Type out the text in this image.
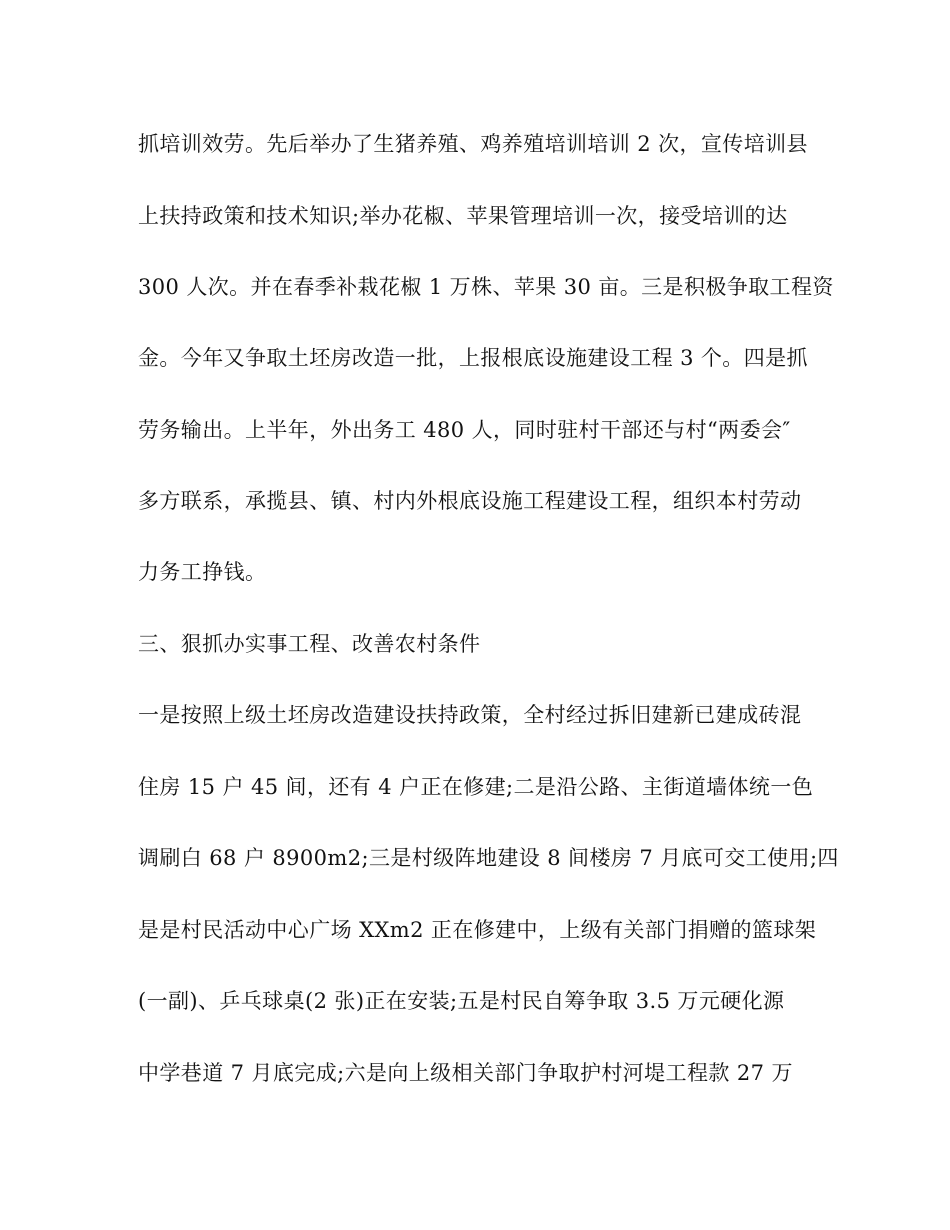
抓培训效劳。先后举办了生猪养殖、鸡养殖培训培训 2 次，宣传培训县
上扶持政策和技术知识;举办花椒、苹果管理培训一次，接受培训的达
300 人次。并在春季补栽花椒 1 万株、苹果 30 亩。三是积极争取工程资
金。今年又争取土坯房改造一批，上报根底设施建设工程 3 个。四是抓
劳务输出。上半年，外出务工 480 人，同时驻村干部还与村“两委会″
多方联系，承揽县、镇、村内外根底设施工程建设工程，组织本村劳动
力务工挣钱。
三、狠抓办实事工程、改善农村条件
一是按照上级土坯房改造建设扶持政策，全村经过拆旧建新已建成砖混
住房 15 户 45 间，还有 4 户正在修建;二是沿公路、主街道墙体统一色
调刷白 68 户 8900m2;三是村级阵地建设 8 间楼房 7 月底可交工使用;四
是是村民活动中心广场 XXm2 正在修建中，上级有关部门捐赠的篮球架
(一副)、乒乓球桌(2 张)正在安装;五是村民自筹争取 3.5 万元硬化源
中学巷道 7 月底完成;六是向上级相关部门争取护村河堤工程款 27 万
